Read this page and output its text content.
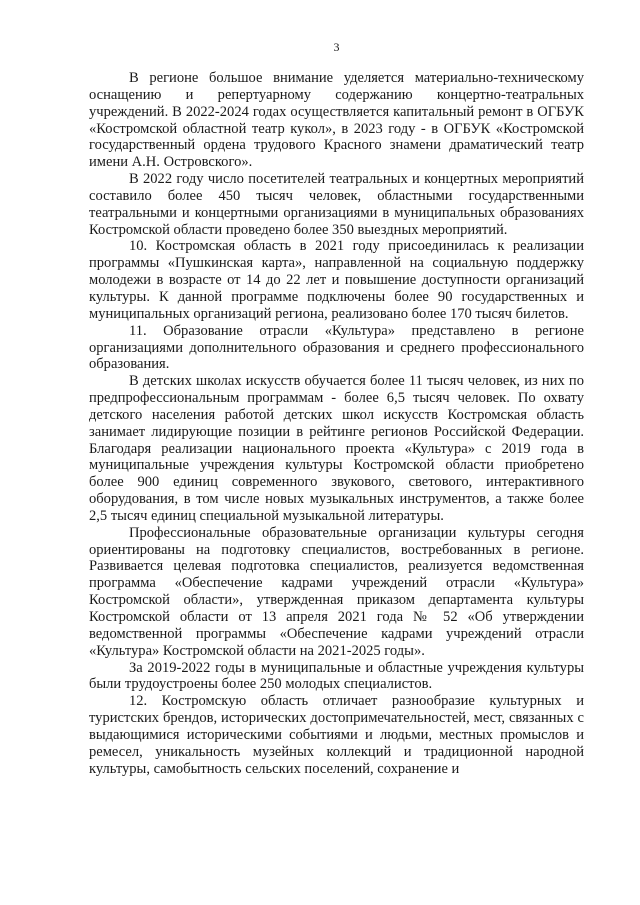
3

В регионе большое внимание уделяется материально-техническому оснащению и репертуарному содержанию концертно-театральных учреждений. В 2022-2024 годах осуществляется капитальный ремонт в ОГБУК «Костромской областной театр кукол», в 2023 году - в ОГБУК «Костромской государственный ордена трудового Красного знамени драматический театр имени А.Н. Островского».

В 2022 году число посетителей театральных и концертных мероприятий составило более 450 тысяч человек, областными государственными театральными и концертными организациями в муниципальных образованиях Костромской области проведено более 350 выездных мероприятий.

10. Костромская область в 2021 году присоединилась к реализации программы «Пушкинская карта», направленной на социальную поддержку молодежи в возрасте от 14 до 22 лет и повышение доступности организаций культуры. К данной программе подключены более 90 государственных и муниципальных организаций региона, реализовано более 170 тысяч билетов.

11. Образование отрасли «Культура» представлено в регионе организациями дополнительного образования и среднего профессионального образования.

В детских школах искусств обучается более 11 тысяч человек, из них по предпрофессиональным программам - более 6,5 тысяч человек. По охвату детского населения работой детских школ искусств Костромская область занимает лидирующие позиции в рейтинге регионов Российской Федерации. Благодаря реализации национального проекта «Культура» с 2019 года в муниципальные учреждения культуры Костромской области приобретено более 900 единиц современного звукового, светового, интерактивного оборудования, в том числе новых музыкальных инструментов, а также более 2,5 тысяч единиц специальной музыкальной литературы.

Профессиональные образовательные организации культуры сегодня ориентированы на подготовку специалистов, востребованных в регионе. Развивается целевая подготовка специалистов, реализуется ведомственная программа «Обеспечение кадрами учреждений отрасли «Культура» Костромской области», утвержденная приказом департамента культуры Костромской области от 13 апреля 2021 года № 52 «Об утверждении ведомственной программы «Обеспечение кадрами учреждений отрасли «Культура» Костромской области на 2021-2025 годы».

За 2019-2022 годы в муниципальные и областные учреждения культуры были трудоустроены более 250 молодых специалистов.

12. Костромскую область отличает разнообразие культурных и туристских брендов, исторических достопримечательностей, мест, связанных с выдающимися историческими событиями и людьми, местных промыслов и ремесел, уникальность музейных коллекций и традиционной народной культуры, самобытность сельских поселений, сохранение и
